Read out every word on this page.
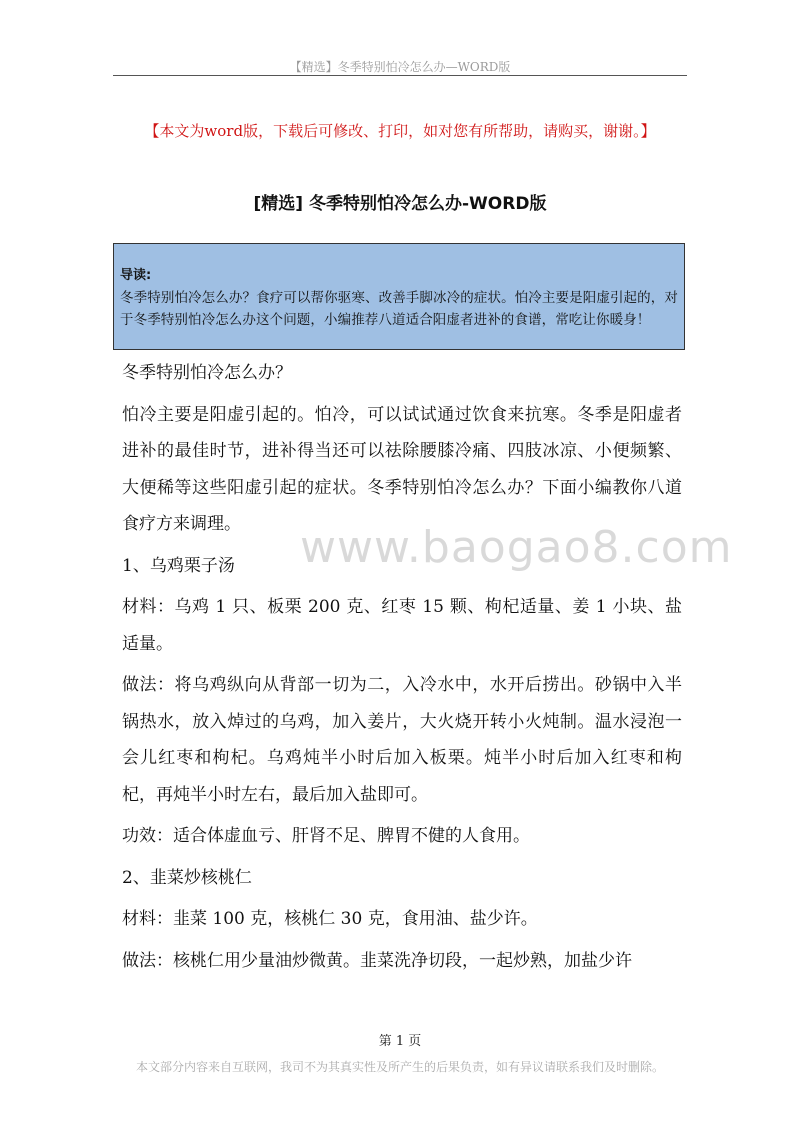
【精选】冬季特别怕冷怎么办—WORD版
【本文为word版，下载后可修改、打印，如对您有所帮助，请购买，谢谢。】
[精选] 冬季特别怕冷怎么办-WORD版
导读:
冬季特别怕冷怎么办？食疗可以帮你驱寒、改善手脚冰冷的症状。怕冷主要是阳虚引起的，对于冬季特别怕冷怎么办这个问题，小编推荐八道适合阳虚者进补的食谱，常吃让你暖身！

冬季特别怕冷怎么办？

怕冷主要是阳虚引起的。怕冷，可以试试通过饮食来抗寒。冬季是阳虚者进补的最佳时节，进补得当还可以祛除腰膝冷痛、四肢冰凉、小便频繁、大便稀等这些阳虚引起的症状。冬季特别怕冷怎么办？下面小编教你八道食疗方来调理。

1、乌鸡栗子汤

材料：乌鸡 1 只、板栗 200 克、红枣 15 颗、枸杞适量、姜 1 小块、盐适量。

做法：将乌鸡纵向从背部一切为二，入冷水中，水开后捞出。砂锅中入半锅热水，放入焯过的乌鸡，加入姜片，大火烧开转小火炖制。温水浸泡一会儿红枣和枸杞。乌鸡炖半小时后加入板栗。炖半小时后加入红枣和枸杞，再炖半小时左右，最后加入盐即可。

功效：适合体虚血亏、肝肾不足、脾胃不健的人食用。

2、韭菜炒核桃仁

材料：韭菜 100 克，核桃仁 30 克，食用油、盐少许。

做法：核桃仁用少量油炒微黄。韭菜洗净切段，一起炒熟，加盐少许

www.baogao8.com
第 1 页
本文部分内容来自互联网，我司不为其真实性及所产生的后果负责，如有异议请联系我们及时删除。
